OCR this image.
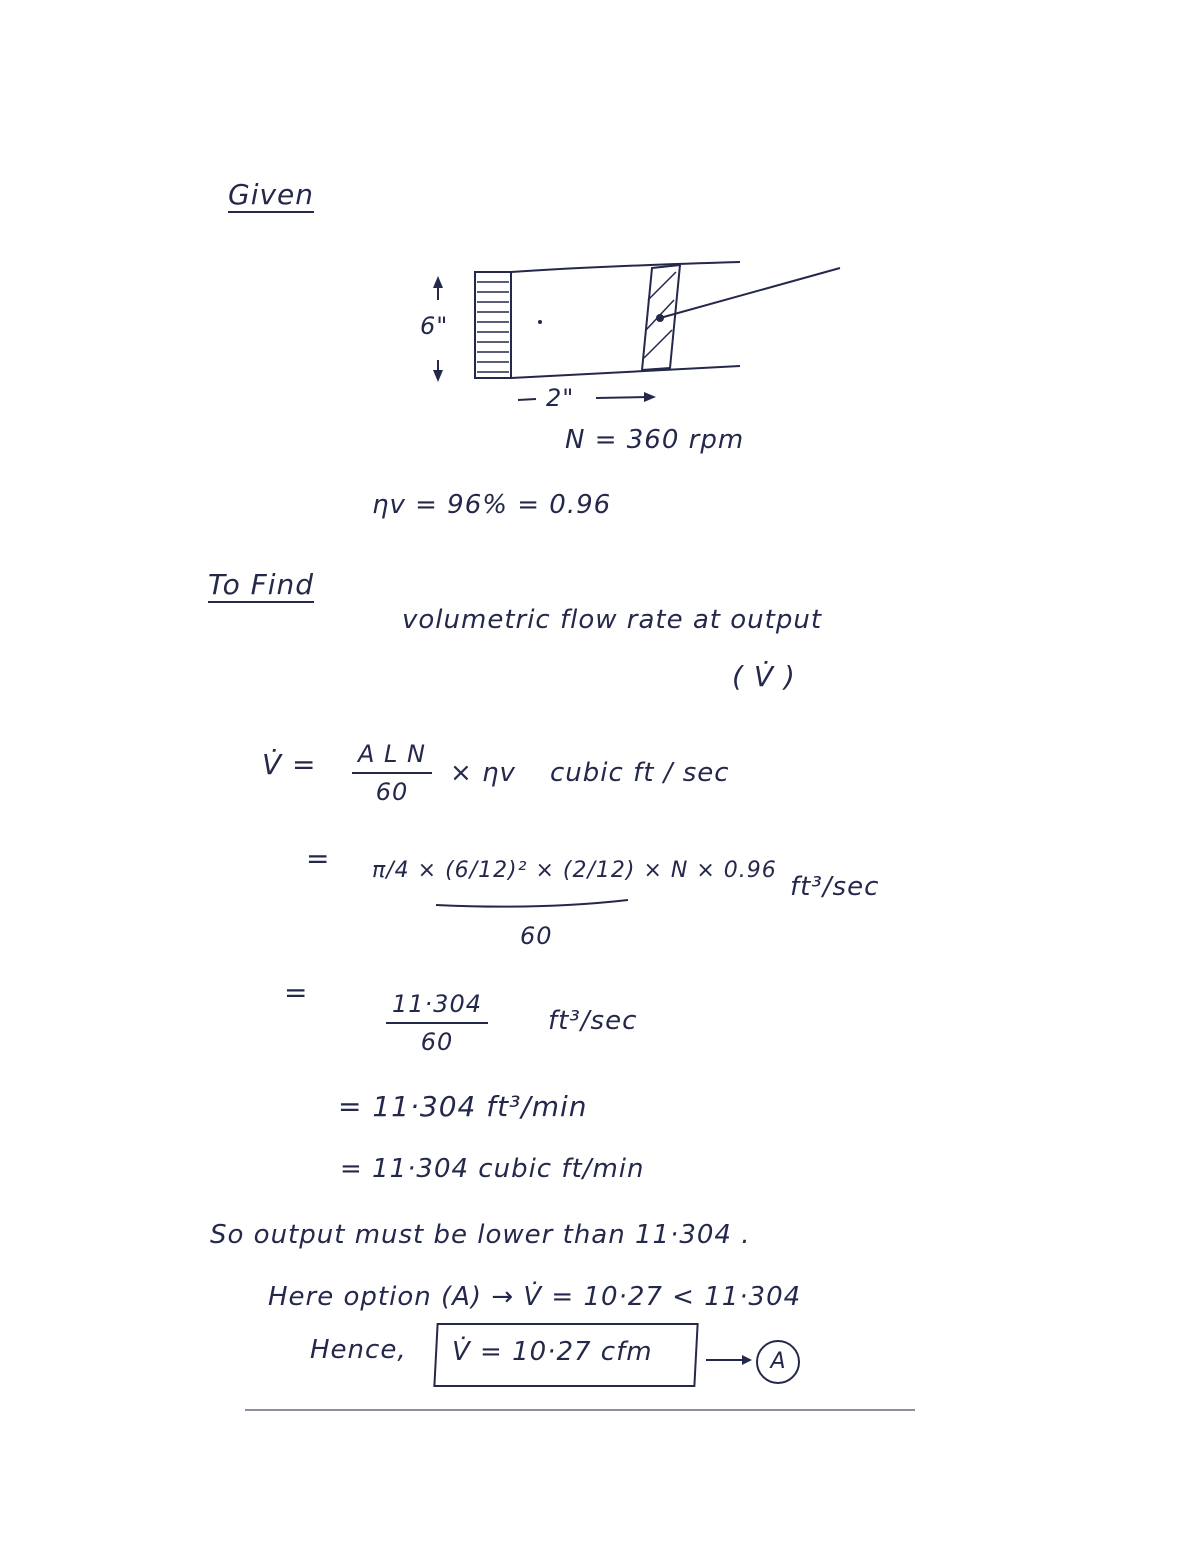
Given
6"
2"
N = 360 rpm
ηv = 96% = 0.96
To Find
volumetric flow rate at output
( V̇ )
V̇ = A L N
60
× ηv cubic ft / sec
= π/4 × (6/12)² × (2/12) × N × 0.96
60
ft³/sec
=	11·304
60
ft³/sec
= 11·304 ft³/min
= 11·304 cubic ft/min
So output must be lower than 11·304 .
Here option (A) → V̇ = 10·27 < 11·304
Hence, V̇ = 10·27 cfm	A
